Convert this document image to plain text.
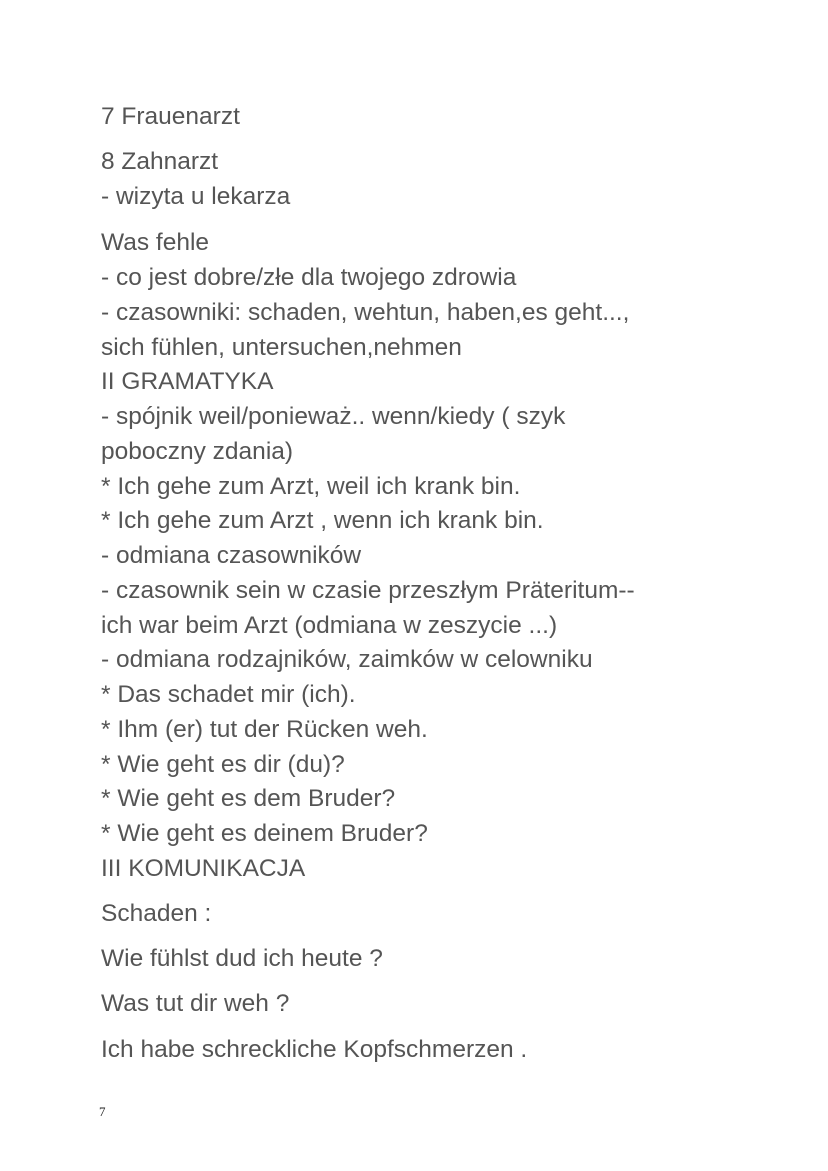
7 Frauenarzt
8 Zahnarzt
- wizyta u lekarza
Was fehle
- co jest dobre/złe dla twojego zdrowia
- czasowniki: schaden, wehtun, haben,es geht...,
sich fühlen, untersuchen,nehmen
II GRAMATYKA
- spójnik weil/ponieważ.. wenn/kiedy ( szyk
poboczny zdania)
* Ich gehe zum Arzt, weil ich krank bin.
* Ich gehe zum Arzt , wenn ich krank bin.
- odmiana czasowników
- czasownik sein w czasie przeszłym Präteritum--
ich war beim Arzt (odmiana w zeszycie ...)
- odmiana rodzajników, zaimków w celowniku
* Das schadet mir (ich).
* Ihm (er) tut der Rücken weh.
* Wie geht es dir (du)?
* Wie geht es dem Bruder?
* Wie geht es deinem Bruder?
III KOMUNIKACJA
Schaden :
Wie fühlst dud ich heute ?
Was tut dir weh ?
Ich habe schreckliche Kopfschmerzen .
7
